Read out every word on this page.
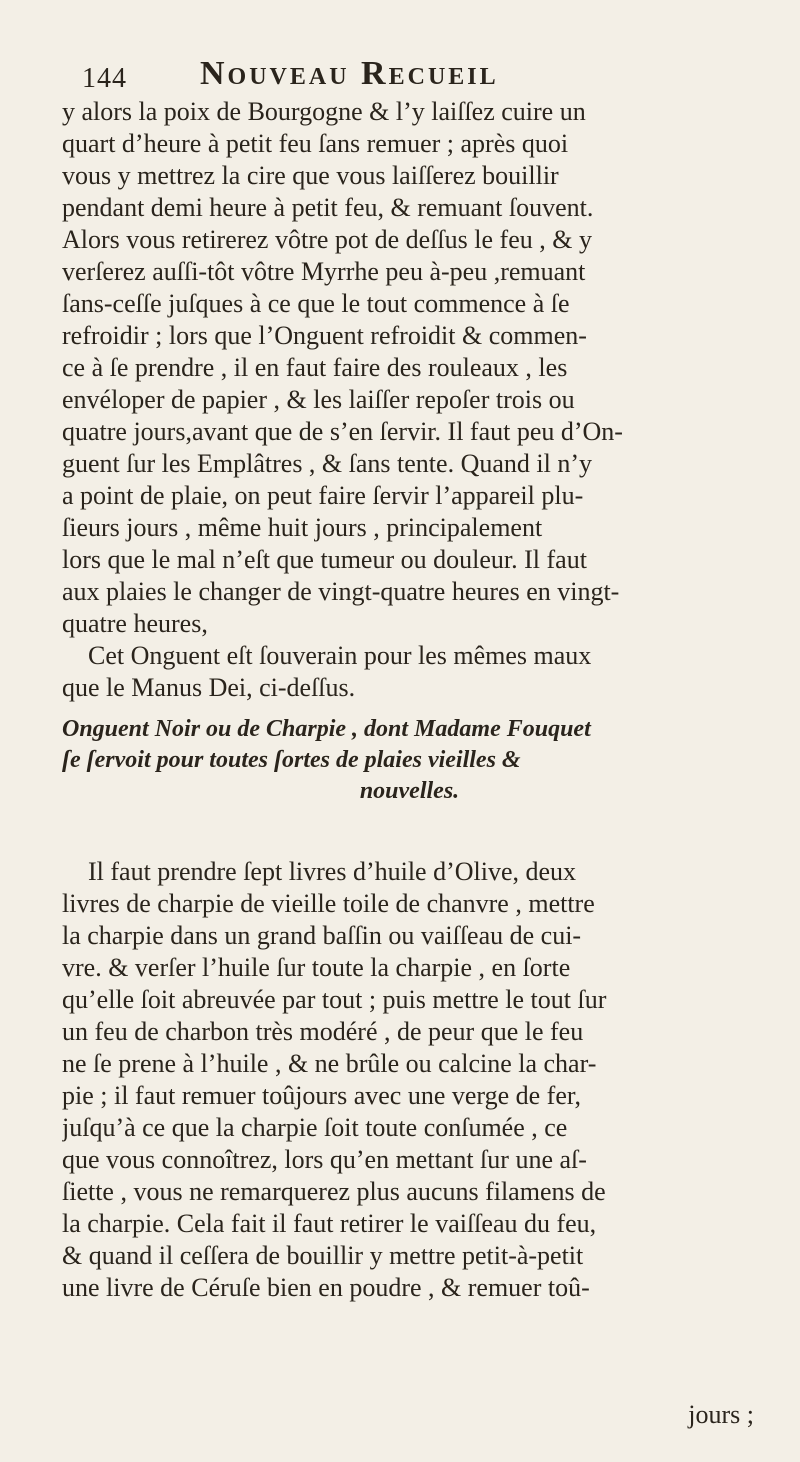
144 Nouveau Recueil
y alors la poix de Bourgogne & l’y laiſſez cuire un
quart d’heure à petit feu ſans remuer ; après quoi
vous y mettrez la cire que vous laiſſerez bouillir
pendant demi heure à petit feu, & remuant ſouvent.
Alors vous retirerez vôtre pot de deſſus le feu , & y
verſerez auſſi-tôt vôtre Myrrhe peu à-peu ,remuant
ſans-ceſſe juſques à ce que le tout commence à ſe
refroidir ; lors que l’Onguent refroidit & commen-
ce à ſe prendre , il en faut faire des rouleaux , les
envéloper de papier , & les laiſſer repoſer trois ou
quatre jours,avant que de s’en ſervir. Il faut peu d’On-
guent ſur les Emplâtres , & ſans tente. Quand il n’y
a point de plaie, on peut faire ſervir l’appareil plu-
ſieurs jours , même huit jours , principalement
lors que le mal n’eſt que tumeur ou douleur. Il faut
aux plaies le changer de vingt-quatre heures en vingt-
quatre heures,
Cet Onguent eſt ſouverain pour les mêmes maux
que le Manus Dei, ci-deſſus.
Onguent Noir ou de Charpie , dont Madame Fouquet
ſe ſervoit pour toutes ſortes de plaies vieilles &
nouvelles.
Il faut prendre ſept livres d’huile d’Olive, deux
livres de charpie de vieille toile de chanvre , mettre
la charpie dans un grand baſſin ou vaiſſeau de cui-
vre. & verſer l’huile ſur toute la charpie , en ſorte
qu’elle ſoit abreuvée par tout ; puis mettre le tout ſur
un feu de charbon très modéré , de peur que le feu
ne ſe prene à l’huile , & ne brûle ou calcine la char-
pie ; il faut remuer toûjours avec une verge de fer,
juſqu’à ce que la charpie ſoit toute conſumée , ce
que vous connoîtrez, lors qu’en mettant ſur une aſ-
ſiette , vous ne remarquerez plus aucuns filamens de
la charpie. Cela fait il faut retirer le vaiſſeau du feu,
& quand il ceſſera de bouillir y mettre petit-à-petit
une livre de Céruſe bien en poudre , & remuer toû-
jours ;
